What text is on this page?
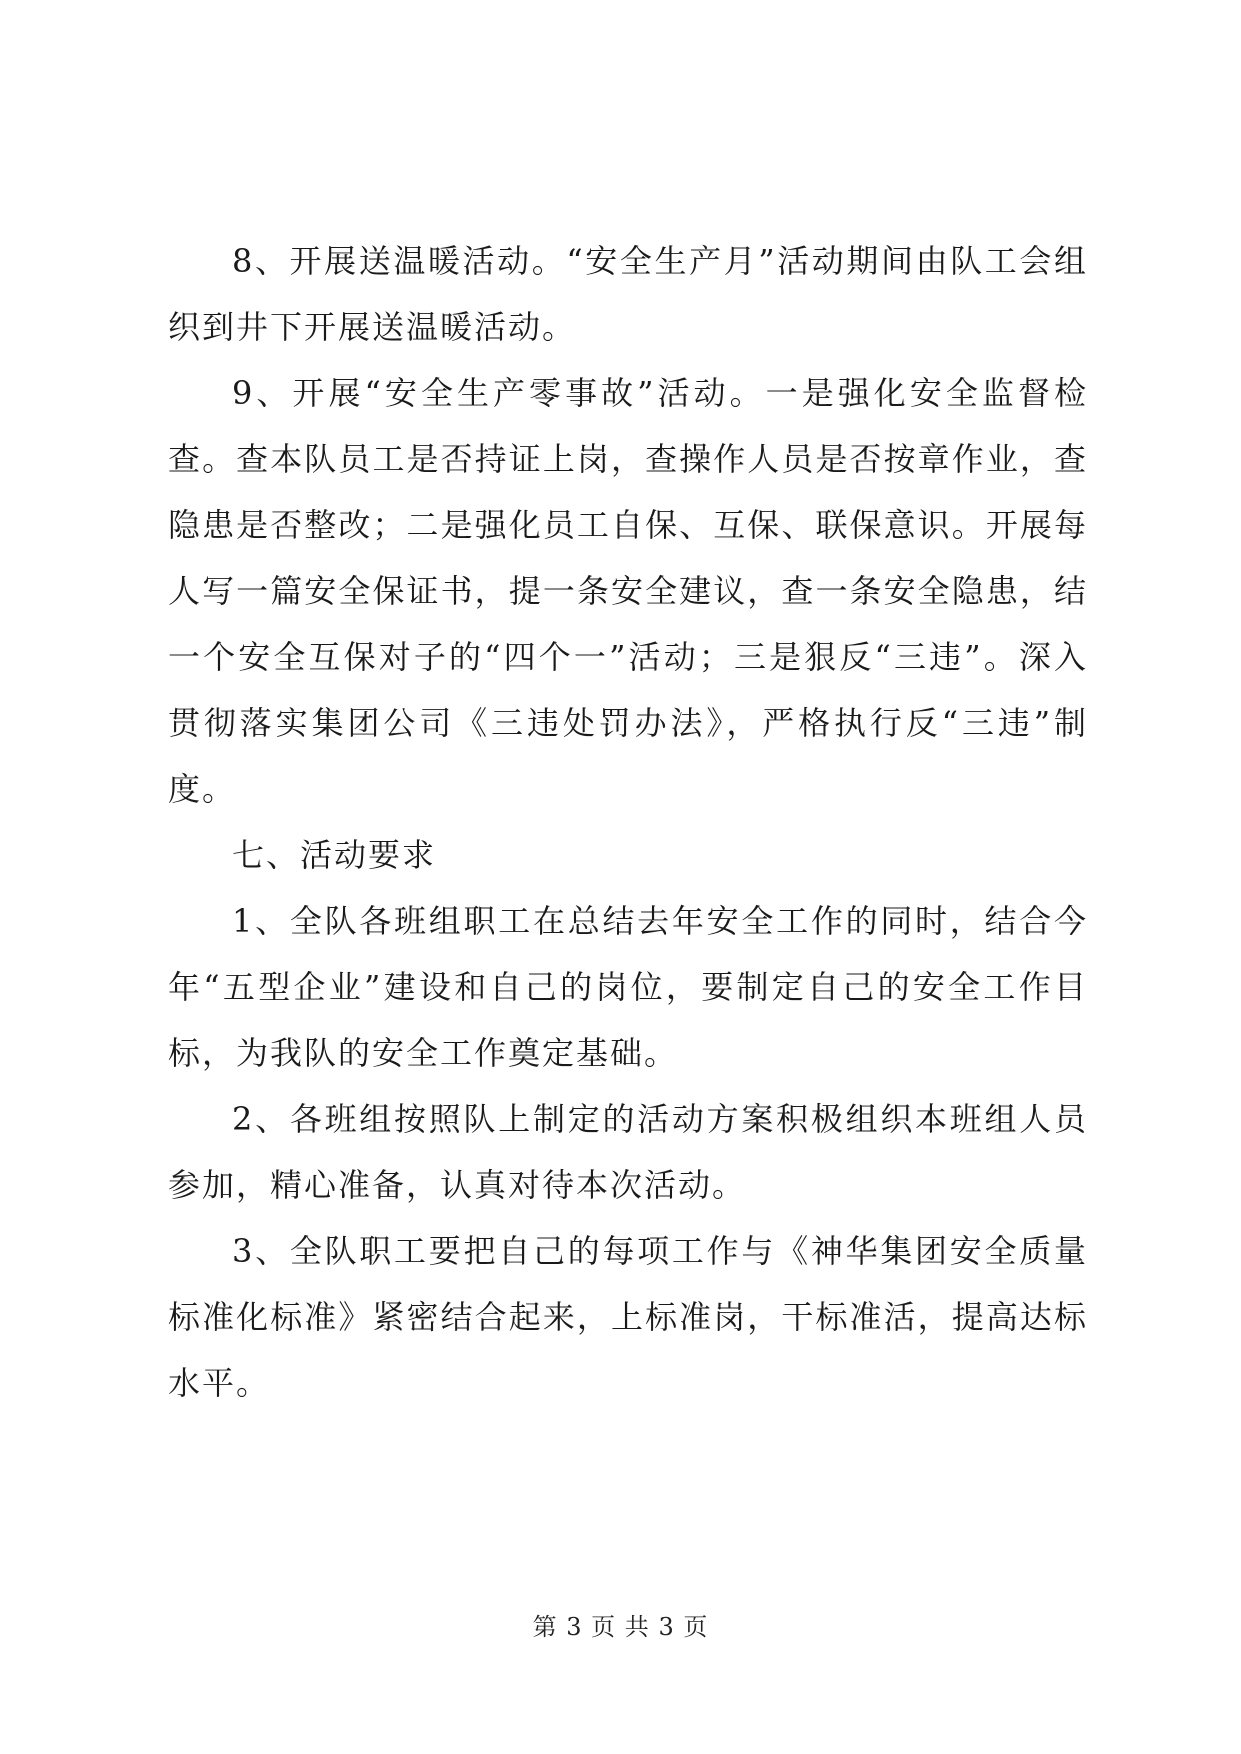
8、开展送温暖活动。“安全生产月”活动期间由队工会组织到井下开展送温暖活动。

9、开展“安全生产零事故”活动。一是强化安全监督检查。查本队员工是否持证上岗，查操作人员是否按章作业，查隐患是否整改；二是强化员工自保、互保、联保意识。开展每人写一篇安全保证书，提一条安全建议，查一条安全隐患，结一个安全互保对子的“四个一”活动；三是狠反“三违”。深入贯彻落实集团公司《三违处罚办法》，严格执行反“三违”制度。

七、活动要求

1、全队各班组职工在总结去年安全工作的同时，结合今年“五型企业”建设和自己的岗位，要制定自己的安全工作目标，为我队的安全工作奠定基础。

2、各班组按照队上制定的活动方案积极组织本班组人员参加，精心准备，认真对待本次活动。

3、全队职工要把自己的每项工作与《神华集团安全质量标准化标准》紧密结合起来，上标准岗，干标准活，提高达标水平。

第 3 页 共 3 页
